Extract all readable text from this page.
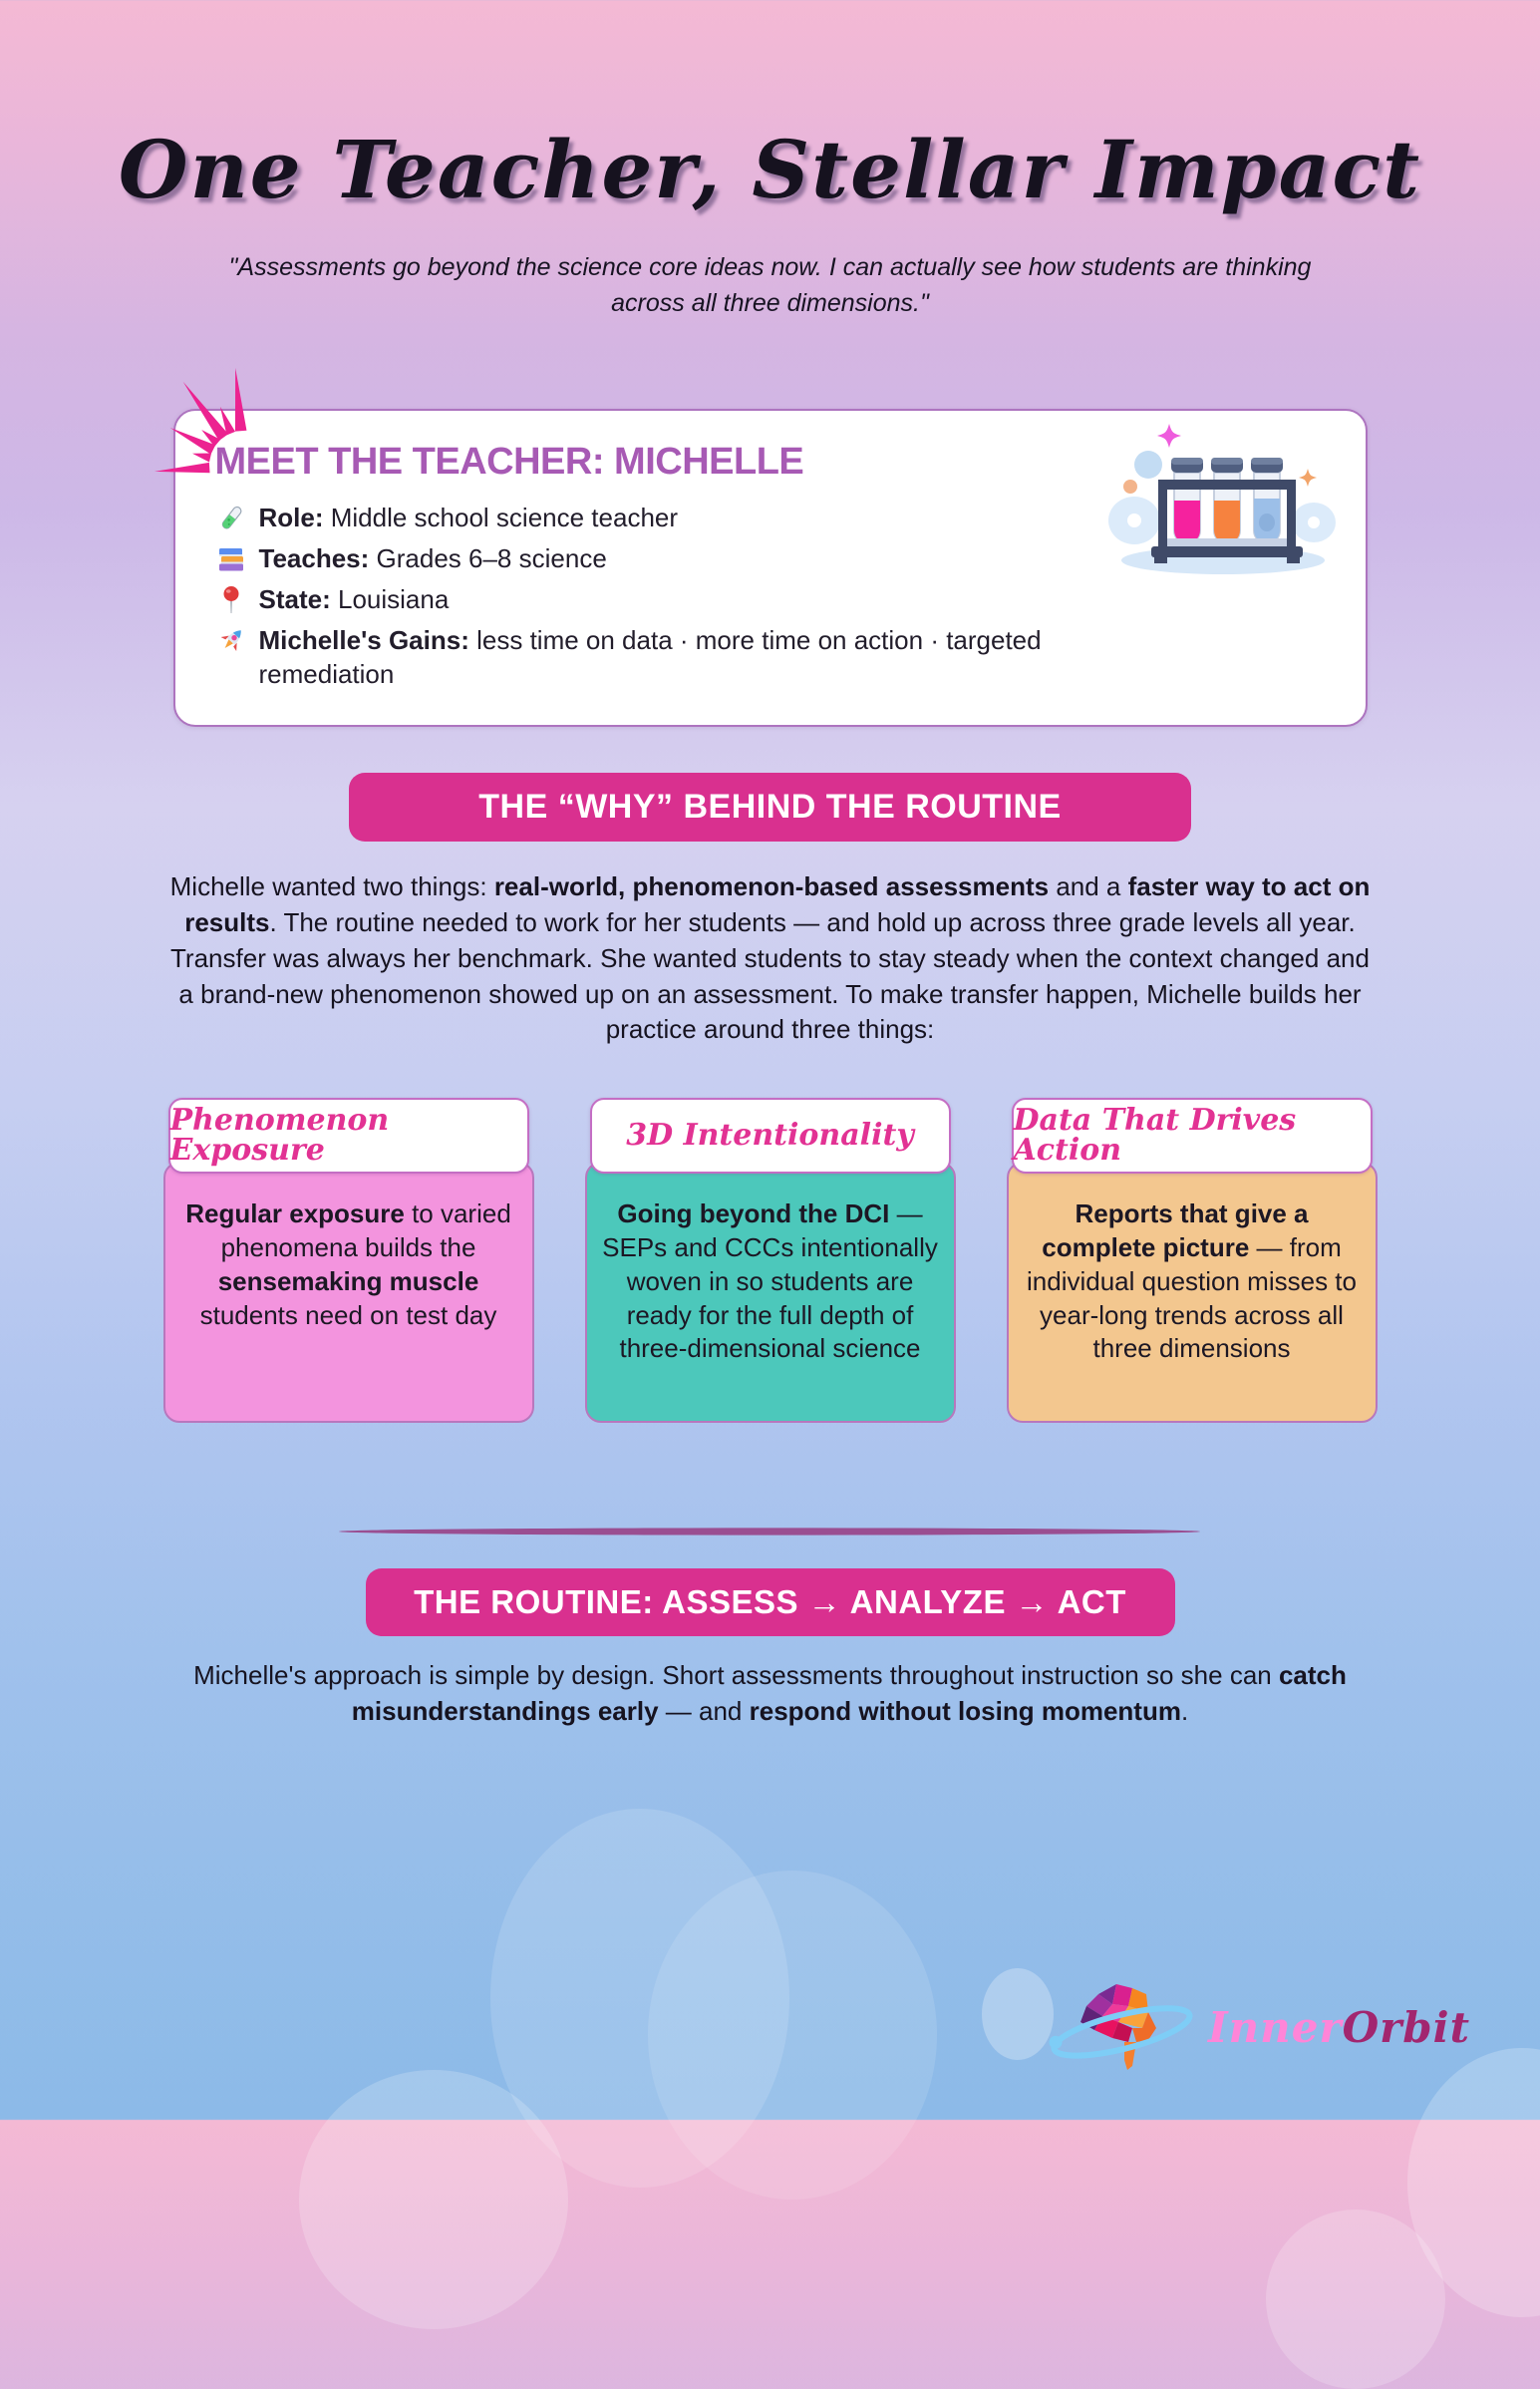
One Teacher, Stellar Impact
"Assessments go beyond the science core ideas now. I can actually see how students are thinking across all three dimensions."
MEET THE TEACHER: MICHELLE
Role: Middle school science teacher
Teaches: Grades 6–8 science
State: Louisiana
Michelle's Gains: less time on data · more time on action · targeted remediation
THE “WHY” BEHIND THE ROUTINE

Michelle wanted two things: real-world, phenomenon-based assessments and a faster way to act on results. The routine needed to work for her students — and hold up across three grade levels all year. Transfer was always her benchmark. She wanted students to stay steady when the context changed and a brand-new phenomenon showed up on an assessment. To make transfer happen, Michelle builds her practice around three things:

Phenomenon Exposure
Regular exposure to varied phenomena builds the sensemaking muscle students need on test day
3D Intentionality
Going beyond the DCI — SEPs and CCCs intentionally woven in so students are ready for the full depth of three-dimensional science
Data That Drives Action
Reports that give a complete picture — from individual question misses to year-long trends across all three dimensions
THE ROUTINE: ASSESS → ANALYZE → ACT

Michelle's approach is simple by design. Short assessments throughout instruction so she can catch misunderstandings early — and respond without losing momentum.

InnerOrbit
